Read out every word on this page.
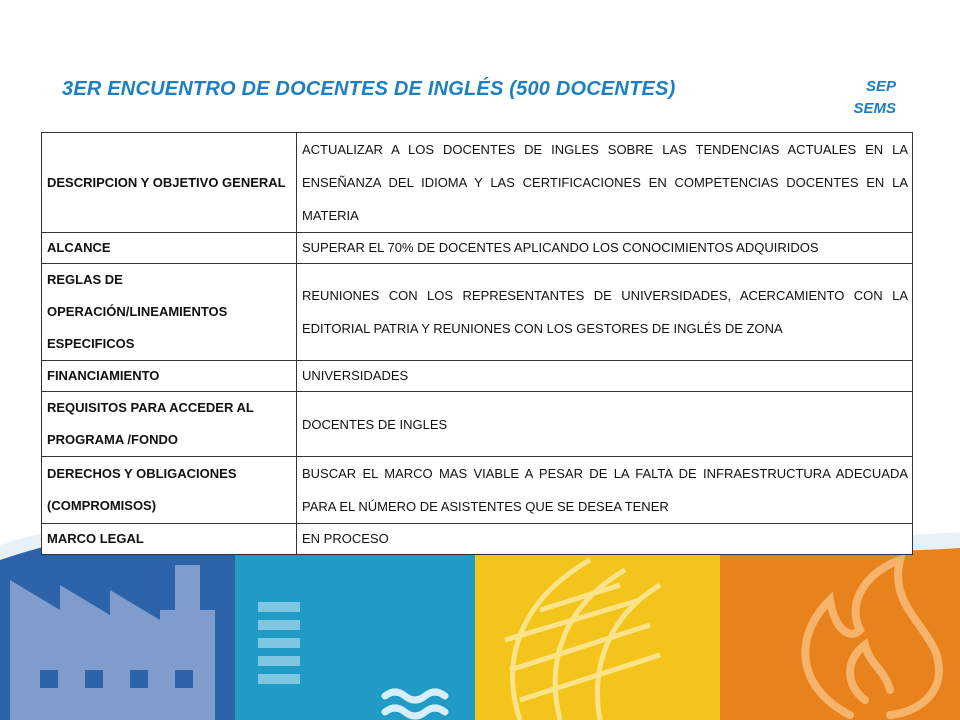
3ER ENCUENTRO DE DOCENTES DE INGLÉS (500 DOCENTES)	SEP
SEMS
DESCRIPCION Y OBJETIVO GENERAL	ACTUALIZAR A LOS DOCENTES DE INGLES SOBRE LAS TENDENCIAS ACTUALES EN LA ENSEÑANZA DEL IDIOMA Y LAS CERTIFICACIONES EN COMPETENCIAS DOCENTES EN LA MATERIA
ALCANCE	SUPERAR EL 70% DE DOCENTES APLICANDO LOS CONOCIMIENTOS ADQUIRIDOS
REGLAS DE OPERACIÓN/LINEAMIENTOS ESPECIFICOS	REUNIONES CON LOS REPRESENTANTES DE UNIVERSIDADES, ACERCAMIENTO CON LA EDITORIAL PATRIA Y REUNIONES CON LOS GESTORES DE INGLÉS DE ZONA
FINANCIAMIENTO	UNIVERSIDADES
REQUISITOS PARA ACCEDER AL PROGRAMA /FONDO	DOCENTES DE INGLES
DERECHOS Y OBLIGACIONES (COMPROMISOS)	BUSCAR EL MARCO MAS VIABLE A PESAR DE LA FALTA DE INFRAESTRUCTURA ADECUADA PARA EL NÚMERO DE ASISTENTES QUE SE DESEA TENER
MARCO LEGAL	EN PROCESO
